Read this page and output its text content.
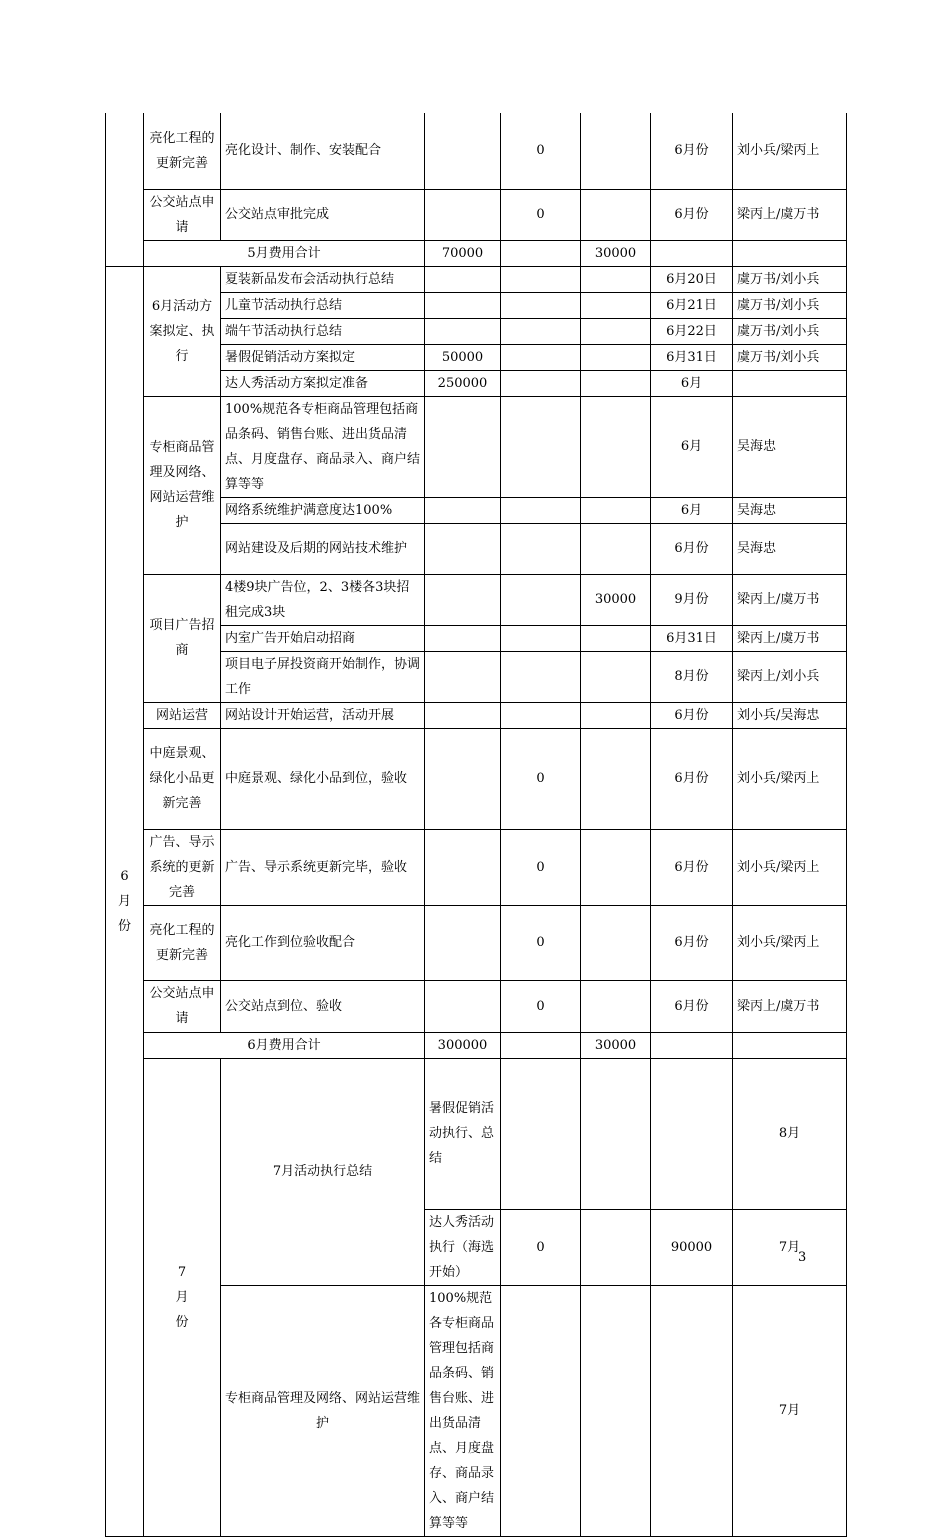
	亮化工程的更新完善	亮化设计、制作、安装配合		0		6月份	刘小兵/梁丙上	
	公交站点申请	公交站点审批完成		0		6月份	梁丙上/虞万书	
	5月费用合计		70000		30000			
6月份	6月活动方案拟定、执行	夏装新品发布会活动执行总结				6月20日	虞万书/刘小兵	
		儿童节活动执行总结				6月21日	虞万书/刘小兵	
		端午节活动执行总结				6月22日	虞万书/刘小兵	
		暑假促销活动方案拟定	50000			6月31日	虞万书/刘小兵	
		达人秀活动方案拟定准备	250000			6月		
	专柜商品管理及网络、网站运营维护	100%规范各专柜商品管理包括商品条码、销售台账、进出货品清点、月度盘存、商品录入、商户结算等等				6月	吴海忠	
		网络系统维护满意度达100%				6月	吴海忠	
		网站建设及后期的网站技术维护				6月份	吴海忠	
	项目广告招商	4楼9块广告位，2、3楼各3块招租完成3块			30000	9月份	梁丙上/虞万书	
		内室广告开始启动招商				6月31日	梁丙上/虞万书	
		项目电子屏投资商开始制作，协调工作				8月份	梁丙上/刘小兵	
	网站运营	网站设计开始运营，活动开展				6月份	刘小兵/吴海忠	
	中庭景观、绿化小品更新完善	中庭景观、绿化小品到位，验收		0		6月份	刘小兵/梁丙上	
	广告、导示系统的更新完善	广告、导示系统更新完毕，验收		0		6月份	刘小兵/梁丙上	
	亮化工程的更新完善	亮化工作到位验收配合		0		6月份	刘小兵/梁丙上	
	公交站点申请	公交站点到位、验收		0		6月份	梁丙上/虞万书	
	6月费用合计		300000		30000			
	7月份	7月活动执行总结	暑假促销活动执行、总结				8月	
			达人秀活动执行（海选开始）	0		90000	7月	
		专柜商品管理及网络、网站运营维护	100%规范各专柜商品管理包括商品条码、销售台账、进出货品清点、月度盘存、商品录入、商户结算等等				7月	
3
